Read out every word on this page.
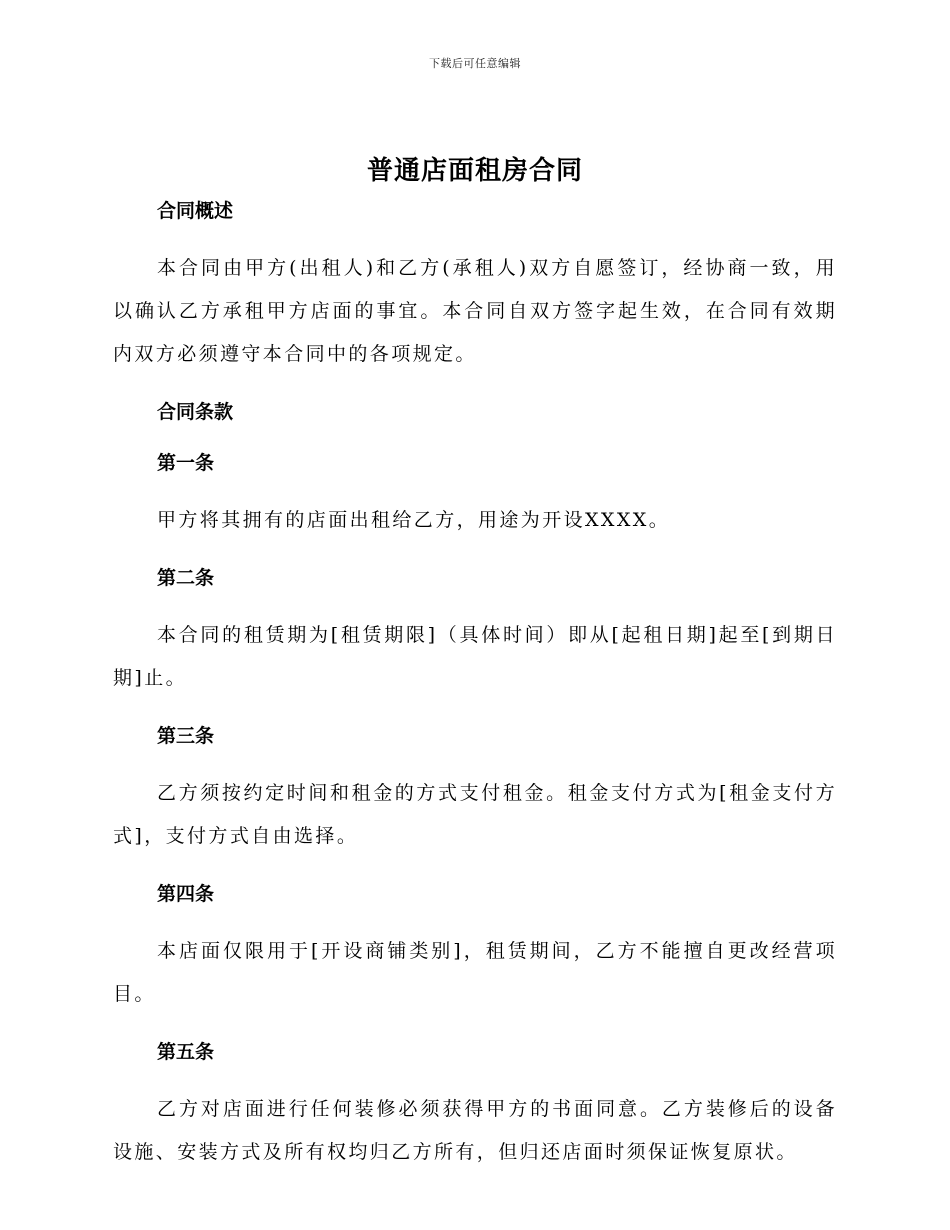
下载后可任意编辑
普通店面租房合同

合同概述

本合同由甲方(出租人)和乙方(承租人)双方自愿签订，经协商一致，用以确认乙方承租甲方店面的事宜。本合同自双方签字起生效，在合同有效期内双方必须遵守本合同中的各项规定。

合同条款

第一条

甲方将其拥有的店面出租给乙方，用途为开设XXXX。

第二条

本合同的租赁期为[租赁期限]（具体时间）即从[起租日期]起至[到期日期]止。

第三条

乙方须按约定时间和租金的方式支付租金。租金支付方式为[租金支付方式]，支付方式自由选择。

第四条

本店面仅限用于[开设商铺类别]，租赁期间，乙方不能擅自更改经营项目。

第五条

乙方对店面进行任何装修必须获得甲方的书面同意。乙方装修后的设备设施、安装方式及所有权均归乙方所有，但归还店面时须保证恢复原状。
